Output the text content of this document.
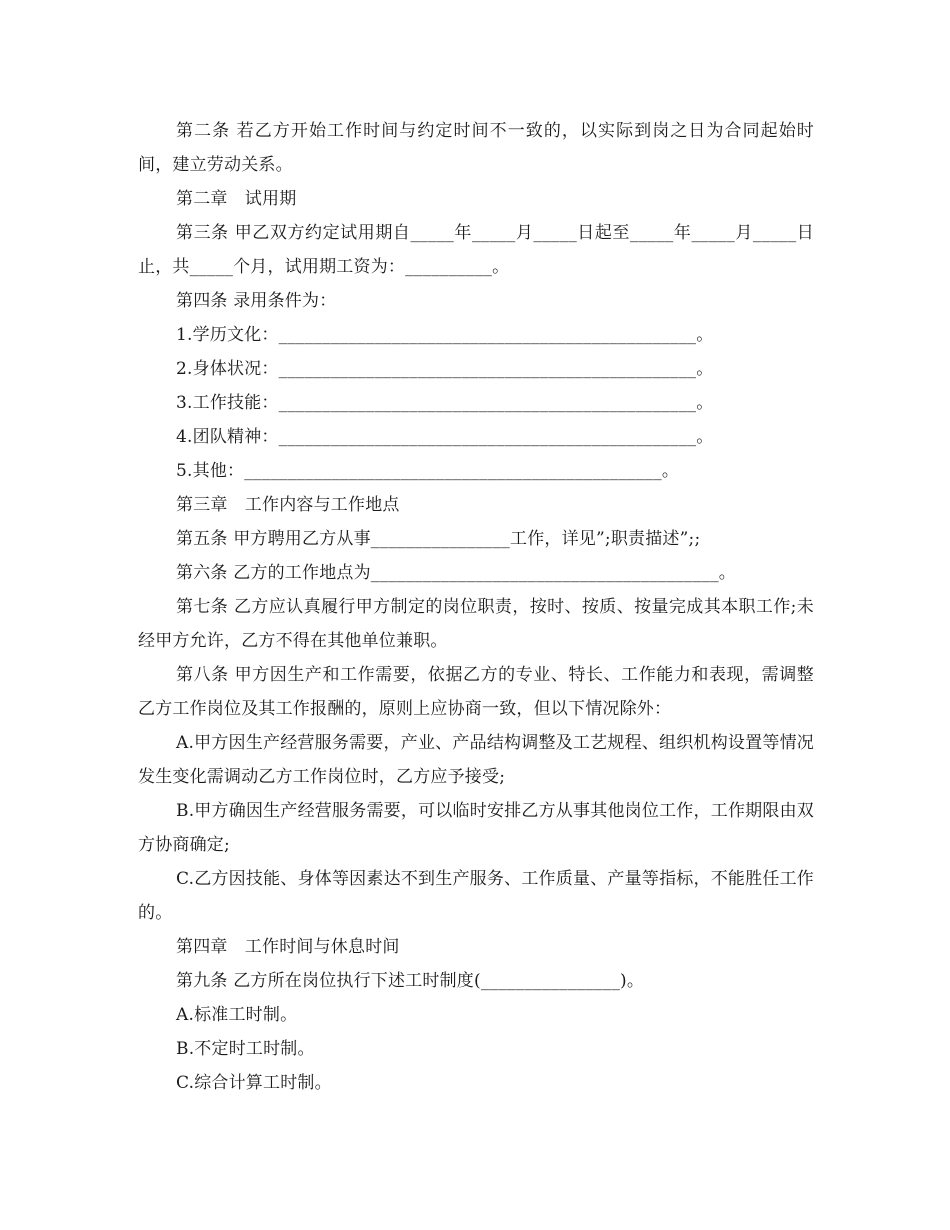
第二条 若乙方开始工作时间与约定时间不一致的，以实际到岗之日为合同起始时间，建立劳动关系。

第二章　试用期

第三条 甲乙双方约定试用期自_____年_____月_____日起至_____年_____月_____日止，共_____个月，试用期工资为：__________。

第四条 录用条件为：

1.学历文化：________________________________________________。

2.身体状况：________________________________________________。

3.工作技能：________________________________________________。

4.团队精神：________________________________________________。

5.其他：________________________________________________。

第三章　工作内容与工作地点

第五条 甲方聘用乙方从事________________工作，详见”;职责描述”;;

第六条 乙方的工作地点为________________________________________。

第七条 乙方应认真履行甲方制定的岗位职责，按时、按质、按量完成其本职工作;未经甲方允许，乙方不得在其他单位兼职。

第八条 甲方因生产和工作需要，依据乙方的专业、特长、工作能力和表现，需调整乙方工作岗位及其工作报酬的，原则上应协商一致，但以下情况除外：

A.甲方因生产经营服务需要，产业、产品结构调整及工艺规程、组织机构设置等情况发生变化需调动乙方工作岗位时，乙方应予接受;

B.甲方确因生产经营服务需要，可以临时安排乙方从事其他岗位工作，工作期限由双方协商确定;

C.乙方因技能、身体等因素达不到生产服务、工作质量、产量等指标，不能胜任工作的。

第四章　工作时间与休息时间

第九条 乙方所在岗位执行下述工时制度(________________)。

A.标准工时制。

B.不定时工时制。

C.综合计算工时制。
